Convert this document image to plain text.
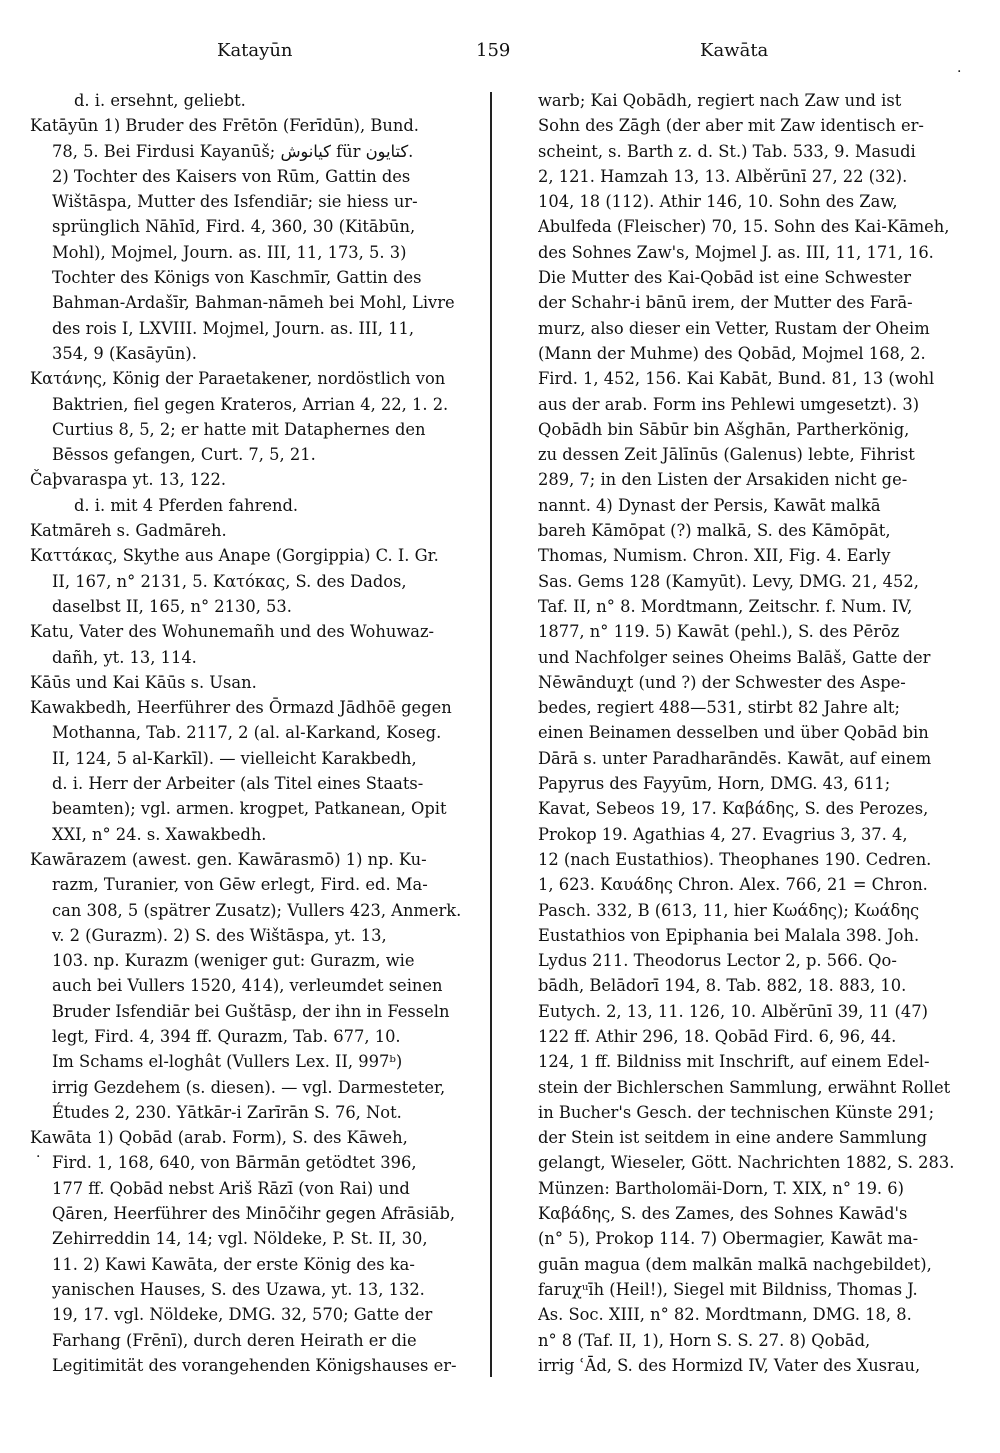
Katayūn	159	Kawāta
d. i. ersehnt, geliebt.
Katāyūn 1) Bruder des Frētōn (Ferīdūn), Bund.
78, 5. Bei Firdusi Kayanūš; كيانوش für كتايون.
2) Tochter des Kaisers von Rūm, Gattin des
Wištāspa, Mutter des Isfendiār; sie hiess ur-
sprünglich Nāhīd, Fird. 4, 360, 30 (Kitābūn,
Mohl), Mojmel, Journ. as. III, 11, 173, 5. 3)
Tochter des Königs von Kaschmīr, Gattin des
Bahman-Ardašīr, Bahman-nāmeh bei Mohl, Livre
des rois I, LXVIII. Mojmel, Journ. as. III, 11,
354, 9 (Kasāyūn).
Κατάνης, König der Paraetakener, nordöstlich von
Baktrien, fiel gegen Krateros, Arrian 4, 22, 1. 2.
Curtius 8, 5, 2; er hatte mit Dataphernes den
Bēssos gefangen, Curt. 7, 5, 21.
Čaþvaraspa yt. 13, 122.
d. i. mit 4 Pferden fahrend.
Katmāreh s. Gadmāreh.
Καττάκας, Skythe aus Anape (Gorgippia) C. I. Gr.
II, 167, n° 2131, 5. Κατόκας, S. des Dados,
daselbst II, 165, n° 2130, 53.
Katu, Vater des Wohunemañh und des Wohuwaz-
dañh, yt. 13, 114.
Kāūs und Kai Kāūs s. Usan.
Kawakbedh, Heerführer des Ōrmazd Jādhōē gegen
Mothanna, Tab. 2117, 2 (al. al-Karkand, Koseg.
II, 124, 5 al-Karkīl). — vielleicht Karakbedh,
d. i. Herr der Arbeiter (als Titel eines Staats-
beamten); vgl. armen. krogpet, Patkanean, Opit
XXI, n° 24. s. Xawakbedh.
Kawārazem (awest. gen. Kawārasmō) 1) np. Ku-
razm, Turanier, von Gēw erlegt, Fird. ed. Ma-
can 308, 5 (spätrer Zusatz); Vullers 423, Anmerk.
v. 2 (Gurazm). 2) S. des Wištāspa, yt. 13,
103. np. Kurazm (weniger gut: Gurazm, wie
auch bei Vullers 1520, 414), verleumdet seinen
Bruder Isfendiār bei Guštāsp, der ihn in Fesseln
legt, Fird. 4, 394 ff. Qurazm, Tab. 677, 10.
Im Schams el-loghât (Vullers Lex. II, 997ᵇ)
irrig Gezdehem (s. diesen). — vgl. Darmesteter,
Études 2, 230. Yātkār-i Zarīrān S. 76, Not.
Kawāta 1) Qobād (arab. Form), S. des Kāweh,
Fird. 1, 168, 640, von Bārmān getödtet 396,
177 ff. Qobād nebst Ariš Rāzī (von Rai) und
Qāren, Heerführer des Minōčihr gegen Afrāsiāb,
Zehirreddin 14, 14; vgl. Nöldeke, P. St. II, 30,
11. 2) Kawi Kawāta, der erste König des ka-
yanischen Hauses, S. des Uzawa, yt. 13, 132.
19, 17. vgl. Nöldeke, DMG. 32, 570; Gatte der
Farhang (Frēnī), durch deren Heirath er die
Legitimität des vorangehenden Königshauses er-
warb; Kai Qobādh, regiert nach Zaw und ist
Sohn des Zāgh (der aber mit Zaw identisch er-
scheint, s. Barth z. d. St.) Tab. 533, 9. Masudi
2, 121. Hamzah 13, 13. Alběrūnī 27, 22 (32).
104, 18 (112). Athir 146, 10. Sohn des Zaw,
Abulfeda (Fleischer) 70, 15. Sohn des Kai-Kāmeh,
des Sohnes Zaw's, Mojmel J. as. III, 11, 171, 16.
Die Mutter des Kai-Qobād ist eine Schwester
der Schahr-i bānū irem, der Mutter des Farā-
murz, also dieser ein Vetter, Rustam der Oheim
(Mann der Muhme) des Qobād, Mojmel 168, 2.
Fird. 1, 452, 156. Kai Kabāt, Bund. 81, 13 (wohl
aus der arab. Form ins Pehlewi umgesetzt). 3)
Qobādh bin Sābūr bin Ašghān, Partherkönig,
zu dessen Zeit Jālīnūs (Galenus) lebte, Fihrist
289, 7; in den Listen der Arsakiden nicht ge-
nannt. 4) Dynast der Persis, Kawāt malkā
bareh Kāmōpat (?) malkā, S. des Kāmōpāt,
Thomas, Numism. Chron. XII, Fig. 4. Early
Sas. Gems 128 (Kamyūt). Levy, DMG. 21, 452,
Taf. II, n° 8. Mordtmann, Zeitschr. f. Num. IV,
1877, n° 119. 5) Kawāt (pehl.), S. des Pērōz
und Nachfolger seines Oheims Balāš, Gatte der
Nēwānduχt (und ?) der Schwester des Aspe-
bedes, regiert 488—531, stirbt 82 Jahre alt;
einen Beinamen desselben und über Qobād bin
Dārā s. unter Paradharāndēs. Kawāt, auf einem
Papyrus des Fayyūm, Horn, DMG. 43, 611;
Kavat, Sebeos 19, 17. Καβάδης, S. des Perozes,
Prokop 19. Agathias 4, 27. Evagrius 3, 37. 4,
12 (nach Eustathios). Theophanes 190. Cedren.
1, 623. Καυάδης Chron. Alex. 766, 21 = Chron.
Pasch. 332, B (613, 11, hier Κωάδης); Κωάδης
Eustathios von Epiphania bei Malala 398. Joh.
Lydus 211. Theodorus Lector 2, p. 566. Qo-
bādh, Belādorī 194, 8. Tab. 882, 18. 883, 10.
Eutych. 2, 13, 11. 126, 10. Alběrūnī 39, 11 (47)
122 ff. Athir 296, 18. Qobād Fird. 6, 96, 44.
124, 1 ff. Bildniss mit Inschrift, auf einem Edel-
stein der Bichlerschen Sammlung, erwähnt Rollet
in Bucher's Gesch. der technischen Künste 291;
der Stein ist seitdem in eine andere Sammlung
gelangt, Wieseler, Gött. Nachrichten 1882, S. 283.
Münzen: Bartholomäi-Dorn, T. XIX, n° 19. 6)
Καβάδης, S. des Zames, des Sohnes Kawād's
(n° 5), Prokop 114. 7) Obermagier, Kawāt ma-
guān magua (dem malkān malkā nachgebildet),
faruχᵘīh (Heil!), Siegel mit Bildniss, Thomas J.
As. Soc. XIII, n° 82. Mordtmann, DMG. 18, 8.
n° 8 (Taf. II, 1), Horn S. S. 27. 8) Qobād,
irrig ʿĀd, S. des Hormizd IV, Vater des Xusrau,
·
·
